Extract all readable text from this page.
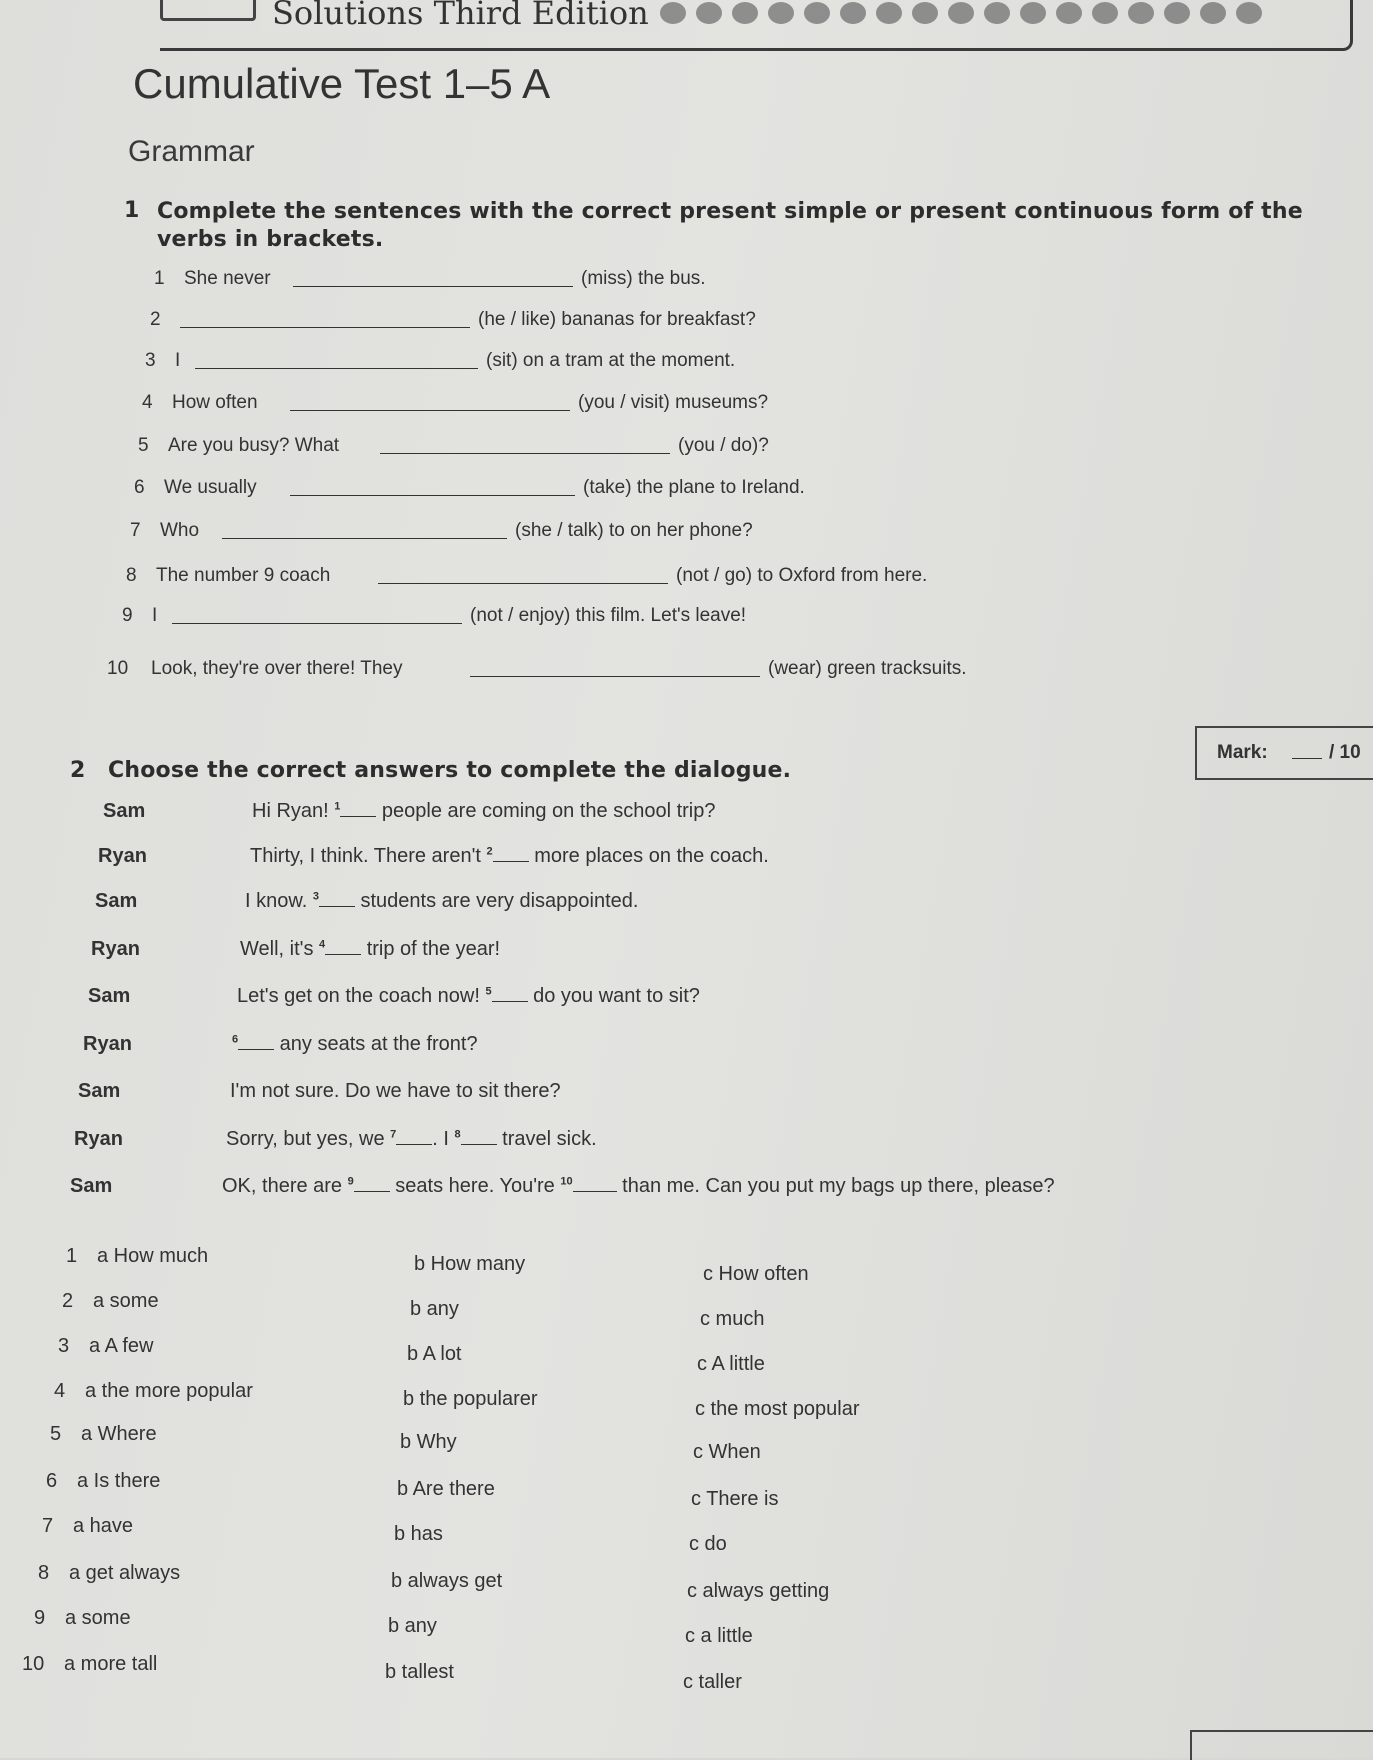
Solutions Third Edition
Cumulative Test 1–5 A
Grammar
1 Complete the sentences with the correct present simple or present continuous form of the verbs in brackets.
1 She never	(miss) the bus.
2	(he / like) bananas for breakfast?
3 I	(sit) on a tram at the moment.
4 How often	(you / visit) museums?
5 Are you busy? What	(you / do)?
6 We usually	(take) the plane to Ireland.
7 Who	(she / talk) to on her phone?
8 The number 9 coach	(not / go) to Oxford from here.
9 I	(not / enjoy) this film. Let's leave!
10 Look, they're over there! They	(wear) green tracksuits.
Mark:	/ 10
2 Choose the correct answers to complete the dialogue.
Sam	Hi Ryan! $^1$ people are coming on the school trip?
Ryan	Thirty, I think. There aren't $^2$ more places on the coach.
Sam	I know. $^3$ students are very disappointed.
Ryan	Well, it's $^4$ trip of the year!
Sam	Let's get on the coach now! $^5$ do you want to sit?
Ryan	$^6$ any seats at the front?
Sam	I'm not sure. Do we have to sit there?
Ryan	Sorry, but yes, we $^7$ . I $^8$ travel sick.
Sam	OK, there are $^9$ seats here. You're $^{10}$ than me. Can you put my bags up there, please?
1 a How much	b How many	c How often
2 a some	b any	c much
3 a A few	b A lot	c A little
4 a the more popular	b the popularer	c the most popular
5 a Where	b Why	c When
6 a Is there	b Are there	c There is
7 a have	b has	c do
8 a get always	b always get	c always getting
9 a some	b any	c a little
10 a more tall	b tallest	c taller
